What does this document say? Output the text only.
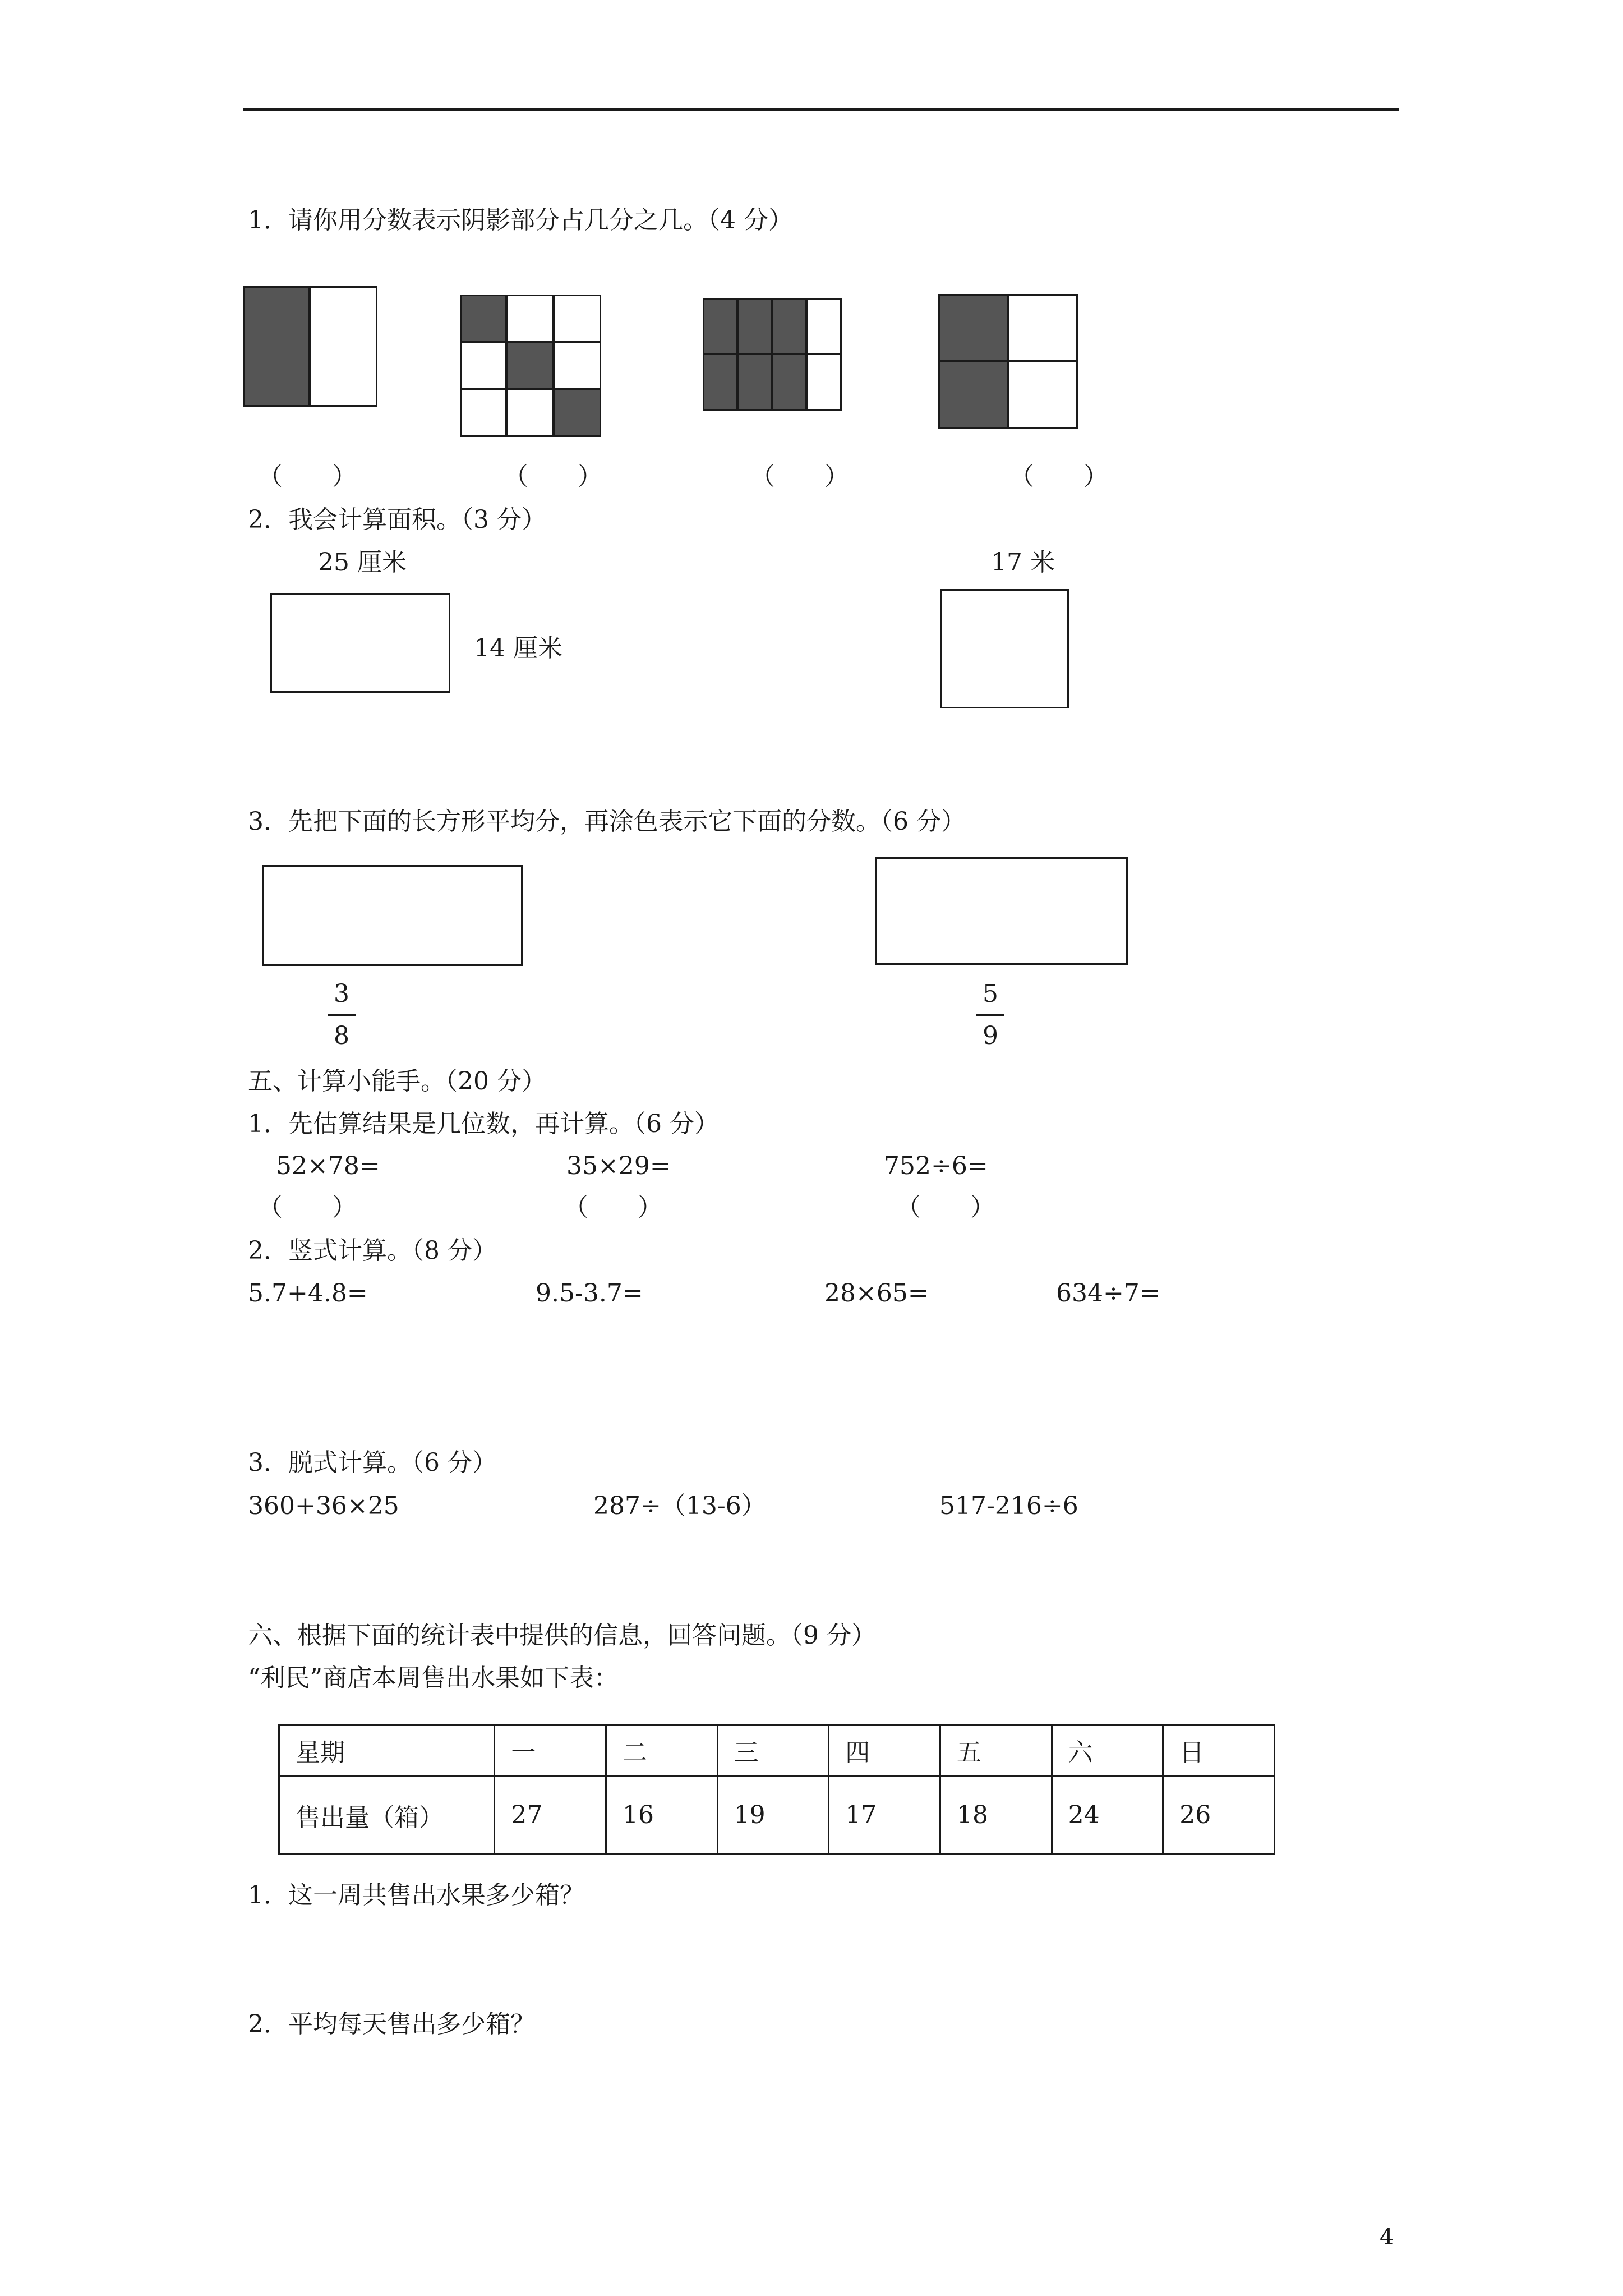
1．请你用分数表示阴影部分占几分之几。（4 分）
（　　）	（　　）	（　　）	（　　）
2．我会计算面积。（3 分）
25 厘米
14 厘米
17 米
3．先把下面的长方形平均分，再涂色表示它下面的分数。（6 分）
3
8
5
9
五、计算小能手。（20 分）
1．先估算结果是几位数，再计算。（6 分）
52×78=	35×29=	752÷6=
（　　）	（　　）	（　　）
2．竖式计算。（8 分）
5.7+4.8=	9.5-3.7=	28×65=	634÷7=
3．脱式计算。（6 分）
360+36×25	287÷（13-6）	517-216÷6
六、根据下面的统计表中提供的信息，回答问题。（9 分）
“利民”商店本周售出水果如下表：
星期	一	二	三	四	五	六	日
售出量（箱）	27	16	19	17	18	24	26
1．这一周共售出水果多少箱？
2．平均每天售出多少箱？
4
